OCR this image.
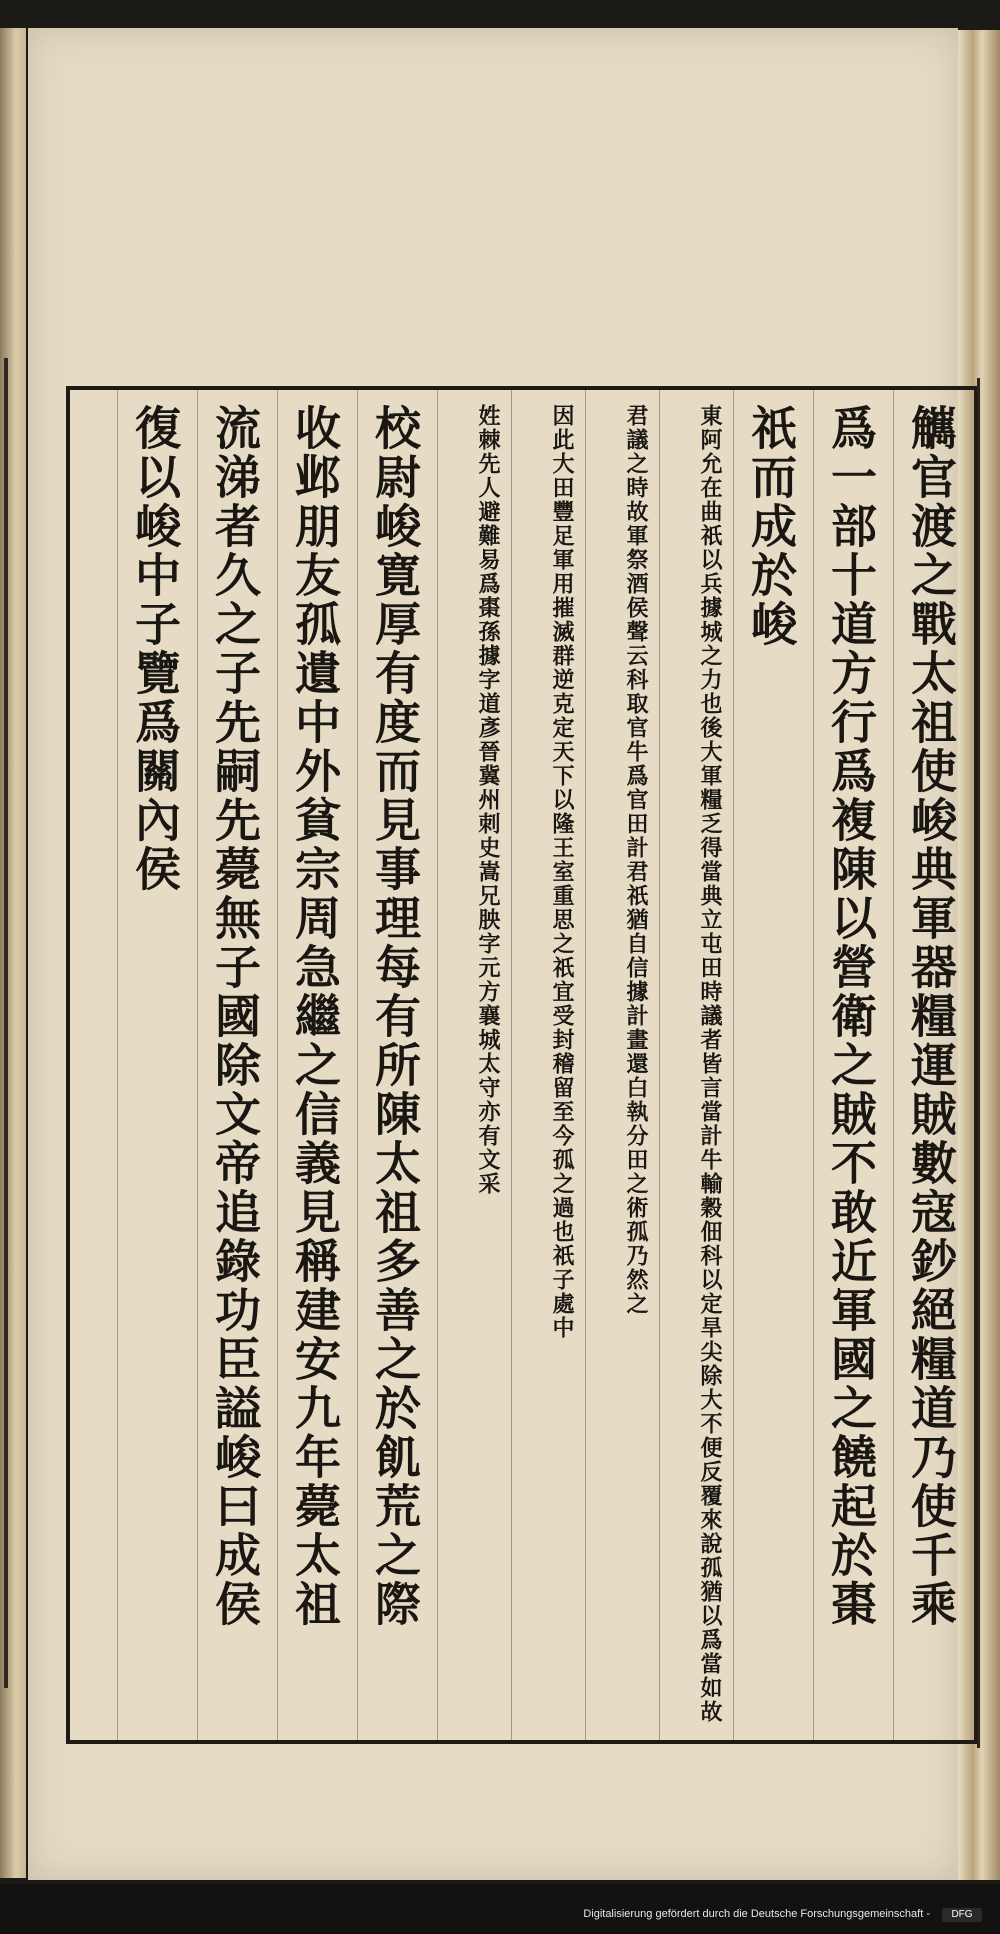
觽官渡之戰太祖使峻典軍器糧運賊數寇鈔絕糧道乃使千乘
爲一部十道方行爲複陳以營衛之賊不敢近軍國之饒起於棗
祇而成於峻
東阿允在曲祇以兵據城之力也後大軍糧乏得當典立屯田時議者皆言當計牛輸穀佃科以定旱尖除大不便反覆來說孤猶以爲當如故
君議之時故軍祭酒侯聲云科取官牛爲官田計君祇猶自信據計畫還白執分田之術孤乃然之
因此大田豐足軍用摧滅群逆克定天下以隆王室重思之祇宜受封稽留至今孤之過也祇子處中
姓棘先人避難易爲棗孫據字道彥晉冀州刺史嵩兄胦字元方襄城太守亦有文采
校尉峻寛厚有度而見事理每有所陳太祖多善之於飢荒之際
收邺朋友孤遺中外貧宗周急繼之信義見稱建安九年薨太祖
流涕者久之子先嗣先薨無子國除文帝追錄功臣謚峻曰成侯
復以峻中子覽爲關內侯
Digitalisierung gefördert durch die Deutsche Forschungsgemeinschaft -	DFG
